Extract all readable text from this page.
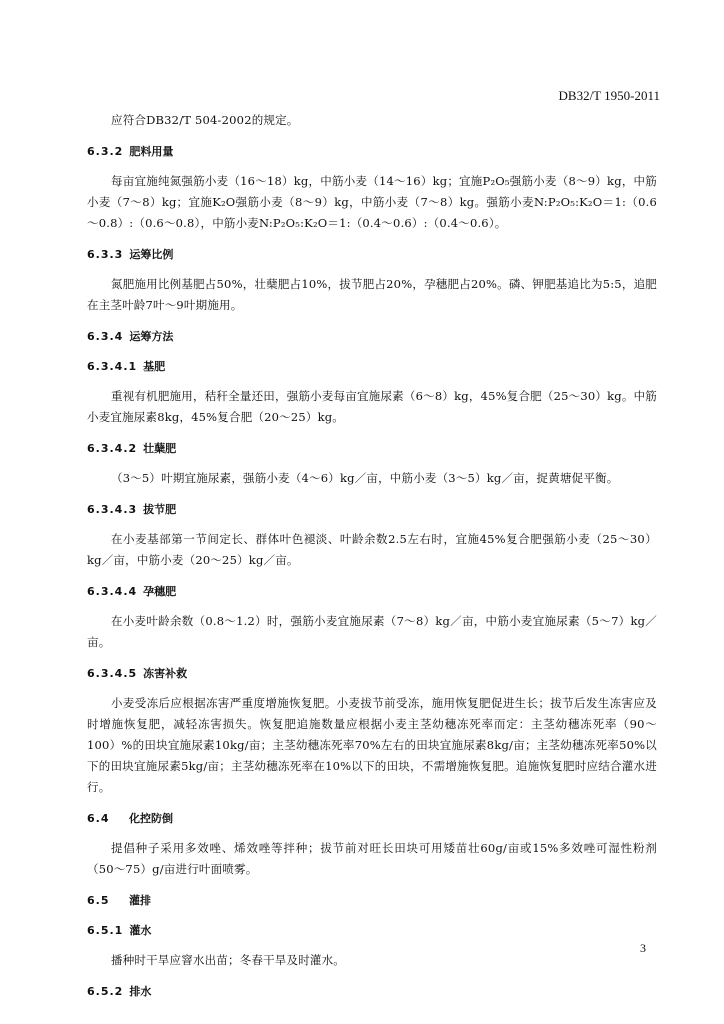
DB32/T 1950-2011

应符合DB32/T 504-2002的规定。

6.3.2 肥料用量

每亩宜施纯氮强筋小麦（16～18）kg，中筋小麦（14～16）kg；宜施P₂O₅强筋小麦（8～9）kg，中筋小麦（7～8）kg；宜施K₂O强筋小麦（8～9）kg，中筋小麦（7～8）kg。强筋小麦N:P₂O₅:K₂O＝1:（0.6～0.8）:（0.6～0.8），中筋小麦N:P₂O₅:K₂O＝1:（0.4～0.6）:（0.4～0.6）。

6.3.3 运筹比例

氮肥施用比例基肥占50%，壮蘖肥占10%，拔节肥占20%，孕穗肥占20%。磷、钾肥基追比为5:5，追肥在主茎叶龄7叶～9叶期施用。

6.3.4 运筹方法

6.3.4.1 基肥

重视有机肥施用，秸秆全量还田，强筋小麦每亩宜施尿素（6～8）kg，45%复合肥（25～30）kg。中筋小麦宜施尿素8kg，45%复合肥（20～25）kg。

6.3.4.2 壮蘖肥

（3～5）叶期宜施尿素，强筋小麦（4～6）kg／亩，中筋小麦（3～5）kg／亩，捉黄塘促平衡。

6.3.4.3 拔节肥

在小麦基部第一节间定长、群体叶色褪淡、叶龄余数2.5左右时，宜施45%复合肥强筋小麦（25～30）kg／亩，中筋小麦（20～25）kg／亩。

6.3.4.4 孕穗肥

在小麦叶龄余数（0.8～1.2）时，强筋小麦宜施尿素（7～8）kg／亩，中筋小麦宜施尿素（5～7）kg／亩。

6.3.4.5 冻害补救

小麦受冻后应根据冻害严重度增施恢复肥。小麦拔节前受冻，施用恢复肥促进生长；拔节后发生冻害应及时增施恢复肥，减轻冻害损失。恢复肥追施数量应根据小麦主茎幼穗冻死率而定：主茎幼穗冻死率（90～100）%的田块宜施尿素10kg/亩；主茎幼穗冻死率70%左右的田块宜施尿素8kg/亩；主茎幼穗冻死率50%以下的田块宜施尿素5kg/亩；主茎幼穗冻死率在10%以下的田块，不需增施恢复肥。追施恢复肥时应结合灌水进行。

6.4 化控防倒

提倡种子采用多效唑、烯效唑等拌种；拔节前对旺长田块可用矮苗壮60g/亩或15%多效唑可湿性粉剂（50～75）g/亩进行叶面喷雾。

6.5 灌排

6.5.1 灌水

播种时干旱应窨水出苗；冬春干旱及时灌水。

6.5.2 排水

3
